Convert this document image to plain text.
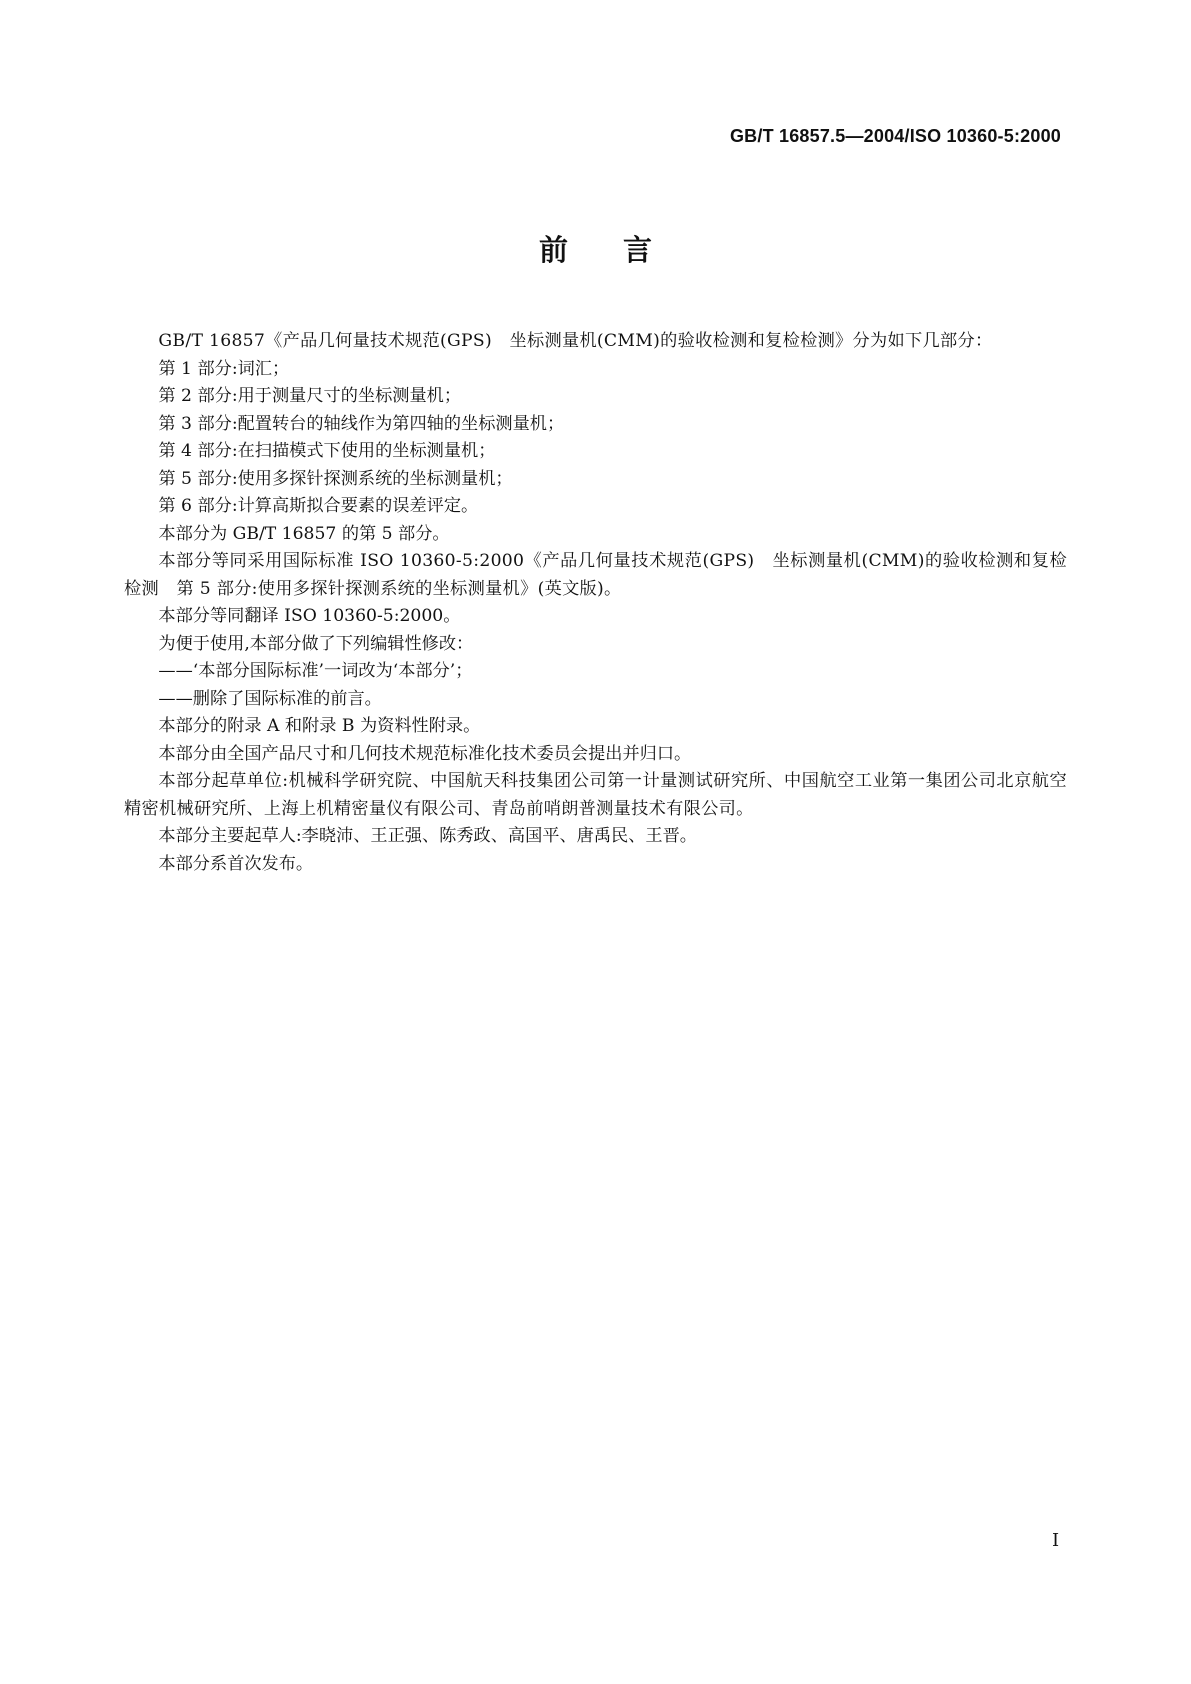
GB/T 16857.5—2004/ISO 10360-5:2000
前 言

GB/T 16857《产品几何量技术规范(GPS)　坐标测量机(CMM)的验收检测和复检检测》分为如下几部分：

第 1 部分:词汇；

第 2 部分:用于测量尺寸的坐标测量机；

第 3 部分:配置转台的轴线作为第四轴的坐标测量机；

第 4 部分:在扫描模式下使用的坐标测量机；

第 5 部分:使用多探针探测系统的坐标测量机；

第 6 部分:计算高斯拟合要素的误差评定。

本部分为 GB/T 16857 的第 5 部分。

本部分等同采用国际标准 ISO 10360-5:2000《产品几何量技术规范(GPS)　坐标测量机(CMM)的验收检测和复检检测　第 5 部分:使用多探针探测系统的坐标测量机》(英文版)。

本部分等同翻译 ISO 10360-5:2000。

为便于使用,本部分做了下列编辑性修改：

——‘本部分国际标准’一词改为‘本部分’；

——删除了国际标准的前言。

本部分的附录 A 和附录 B 为资料性附录。

本部分由全国产品尺寸和几何技术规范标准化技术委员会提出并归口。

本部分起草单位:机械科学研究院、中国航天科技集团公司第一计量测试研究所、中国航空工业第一集团公司北京航空精密机械研究所、上海上机精密量仪有限公司、青岛前哨朗普测量技术有限公司。

本部分主要起草人:李晓沛、王正强、陈秀政、高国平、唐禹民、王晋。

本部分系首次发布。

I
